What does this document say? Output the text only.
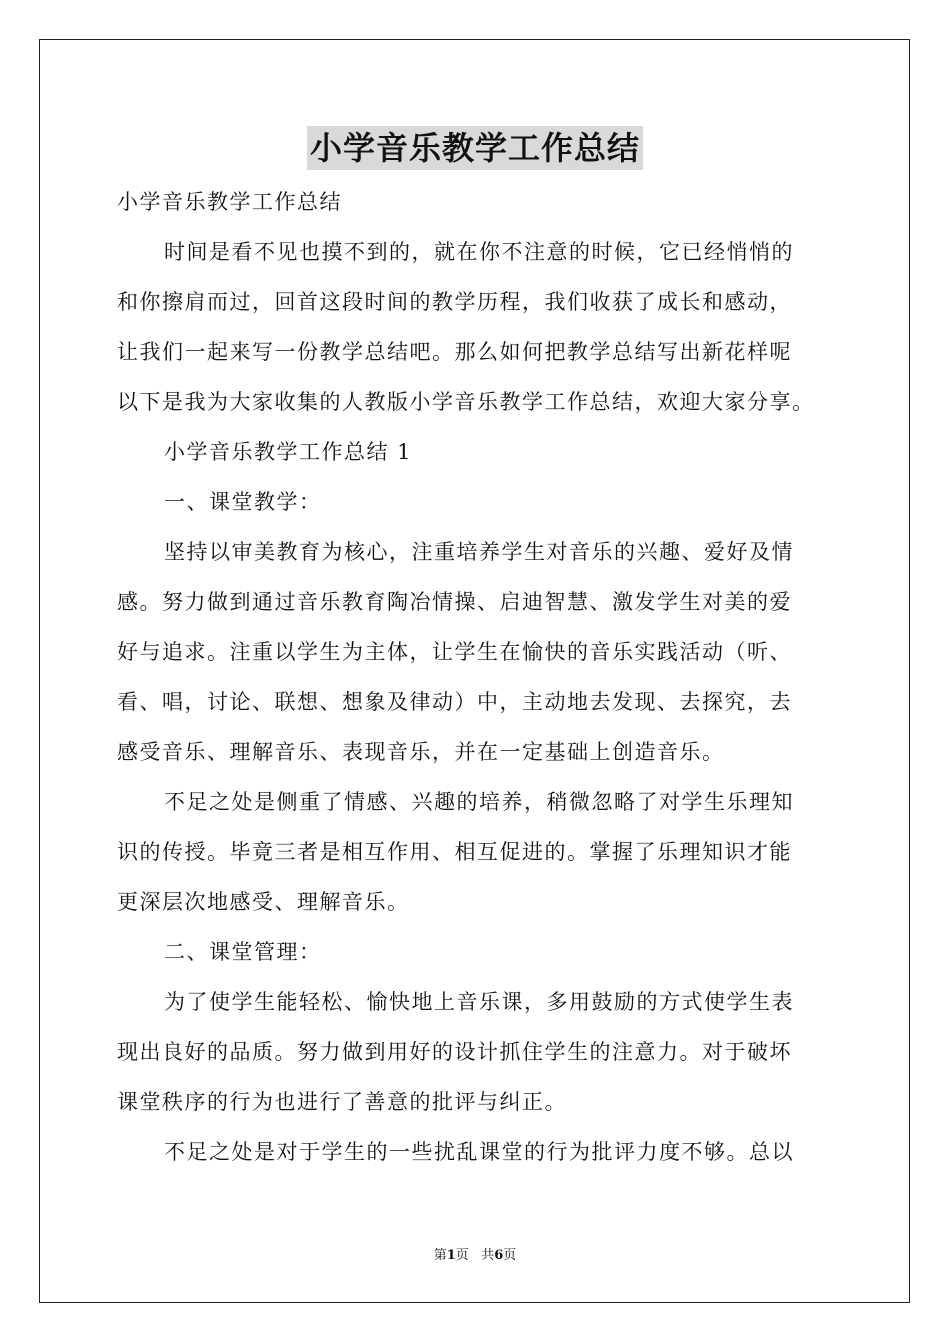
小学音乐教学工作总结
小学音乐教学工作总结
时间是看不见也摸不到的，就在你不注意的时候，它已经悄悄的
和你擦肩而过，回首这段时间的教学历程，我们收获了成长和感动，
让我们一起来写一份教学总结吧。那么如何把教学总结写出新花样呢
以下是我为大家收集的人教版小学音乐教学工作总结，欢迎大家分享。
小学音乐教学工作总结 1
一、课堂教学：
坚持以审美教育为核心，注重培养学生对音乐的兴趣、爱好及情
感。努力做到通过音乐教育陶冶情操、启迪智慧、激发学生对美的爱
好与追求。注重以学生为主体，让学生在愉快的音乐实践活动（听、
看、唱，讨论、联想、想象及律动）中，主动地去发现、去探究，去
感受音乐、理解音乐、表现音乐，并在一定基础上创造音乐。
不足之处是侧重了情感、兴趣的培养，稍微忽略了对学生乐理知
识的传授。毕竟三者是相互作用、相互促进的。掌握了乐理知识才能
更深层次地感受、理解音乐。
二、课堂管理：
为了使学生能轻松、愉快地上音乐课，多用鼓励的方式使学生表
现出良好的品质。努力做到用好的设计抓住学生的注意力。对于破坏
课堂秩序的行为也进行了善意的批评与纠正。
不足之处是对于学生的一些扰乱课堂的行为批评力度不够。总以
第1页 共6页
